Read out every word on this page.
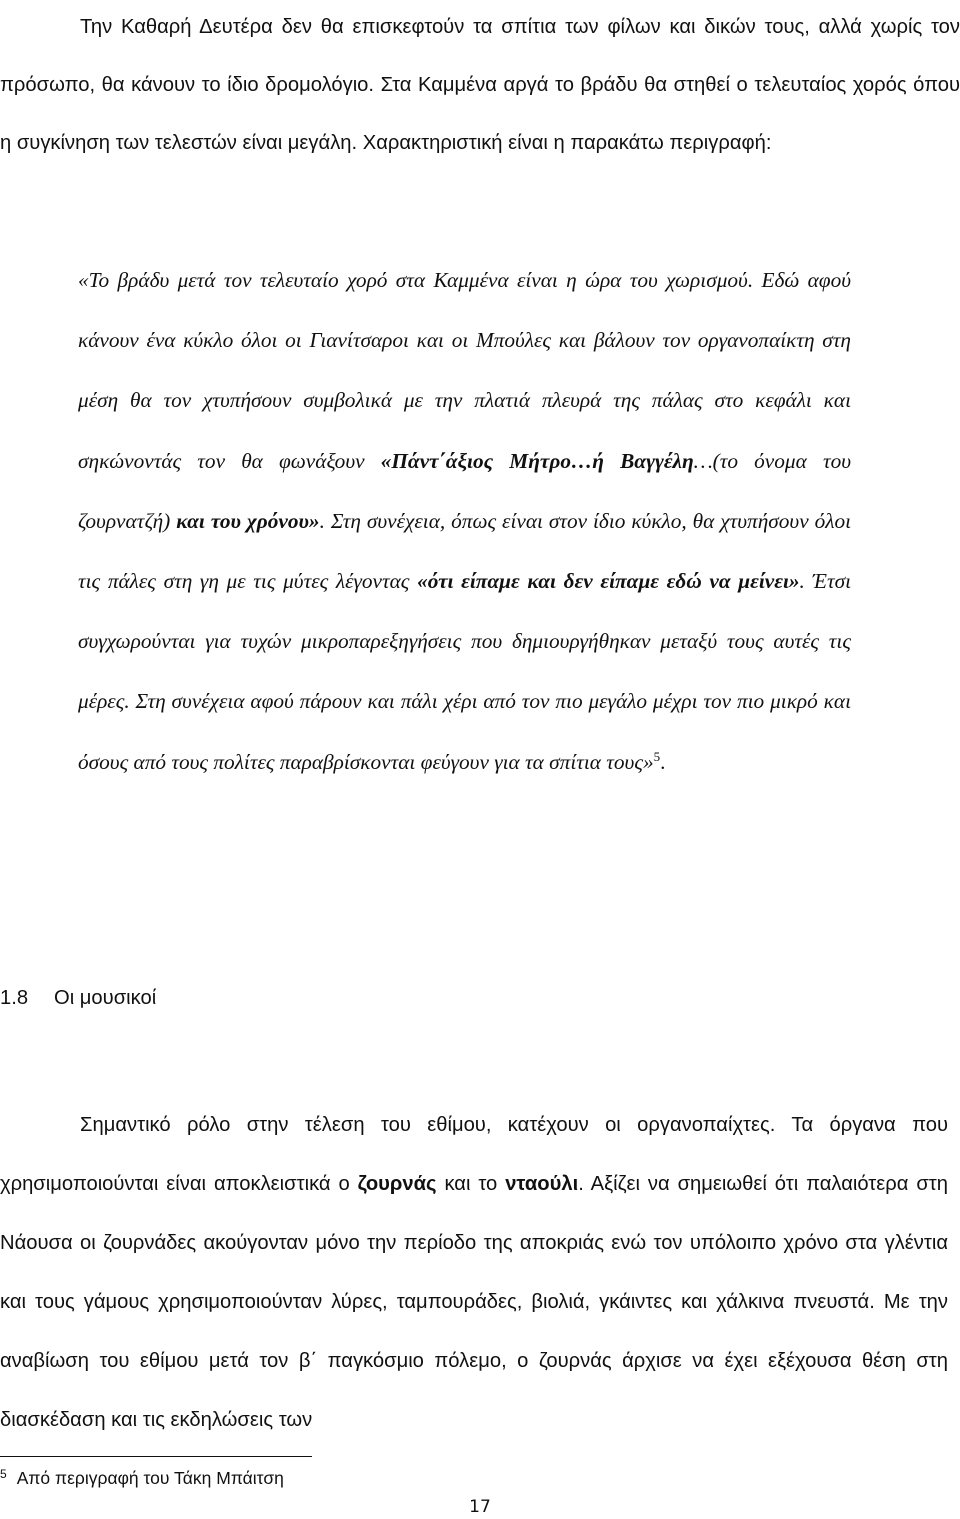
Την Καθαρή Δευτέρα δεν θα επισκεφτούν τα σπίτια των φίλων και δικών τους, αλλά χωρίς τον πρόσωπο, θα κάνουν το ίδιο δρομολόγιο. Στα Καμμένα αργά το βράδυ θα στηθεί ο τελευταίος χορός όπου η συγκίνηση των τελεστών είναι μεγάλη. Χαρακτηριστική είναι η παρακάτω περιγραφή:

«Το βράδυ μετά τον τελευταίο χορό στα Καμμένα είναι η ώρα του χωρισμού. Εδώ αφού κάνουν ένα κύκλο όλοι οι Γιανίτσαροι και οι Μπούλες και βάλουν τον οργανοπαίκτη στη μέση θα τον χτυπήσουν συμβολικά με την πλατιά πλευρά της πάλας στο κεφάλι και σηκώνοντάς τον θα φωνάξουν «Πάντ΄άξιος Μήτρο…ή Βαγγέλη…(το όνομα του ζουρνατζή) και του χρόνου». Στη συνέχεια, όπως είναι στον ίδιο κύκλο, θα χτυπήσουν όλοι τις πάλες στη γη με τις μύτες λέγοντας «ότι είπαμε και δεν είπαμε εδώ να μείνει». Έτσι συγχωρούνται για τυχών μικροπαρεξηγήσεις που δημιουργήθηκαν μεταξύ τους αυτές τις μέρες. Στη συνέχεια αφού πάρουν και πάλι χέρι από τον πιο μεγάλο μέχρι τον πιο μικρό και όσους από τους πολίτες παραβρίσκονται φεύγουν για τα σπίτια τους»$^5$.

1.8 Οι μουσικοί

Σημαντικό ρόλο στην τέλεση του εθίμου, κατέχουν οι οργανοπαίχτες. Τα όργανα που χρησιμοποιούνται είναι αποκλειστικά ο ζουρνάς και το νταούλι. Αξίζει να σημειωθεί ότι παλαιότερα στη Νάουσα οι ζουρνάδες ακούγονταν μόνο την περίοδο της αποκριάς ενώ τον υπόλοιπο χρόνο στα γλέντια και τους γάμους χρησιμοποιούνταν λύρες, ταμπουράδες, βιολιά, γκάιντες και χάλκινα πνευστά. Με την αναβίωση του εθίμου μετά τον β΄ παγκόσμιο πόλεμο, ο ζουρνάς άρχισε να έχει εξέχουσα θέση στη διασκέδαση και τις εκδηλώσεις των

$^5$ Από περιγραφή του Τάκη Μπάιτση

17
